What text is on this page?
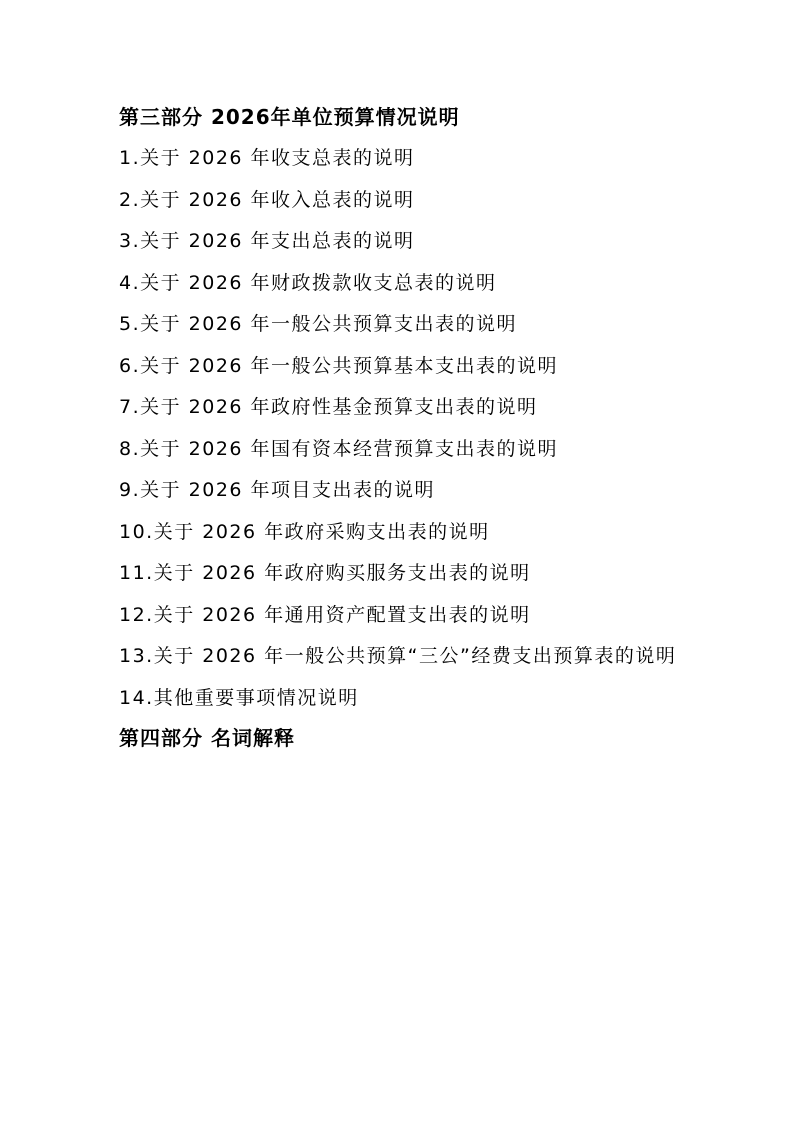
第三部分 2026年单位预算情况说明
1.关于 2026 年收支总表的说明
2.关于 2026 年收入总表的说明
3.关于 2026 年支出总表的说明
4.关于 2026 年财政拨款收支总表的说明
5.关于 2026 年一般公共预算支出表的说明
6.关于 2026 年一般公共预算基本支出表的说明
7.关于 2026 年政府性基金预算支出表的说明
8.关于 2026 年国有资本经营预算支出表的说明
9.关于 2026 年项目支出表的说明
10.关于 2026 年政府采购支出表的说明
11.关于 2026 年政府购买服务支出表的说明
12.关于 2026 年通用资产配置支出表的说明
13.关于 2026 年一般公共预算“三公”经费支出预算表的说明
14.其他重要事项情况说明
第四部分 名词解释
